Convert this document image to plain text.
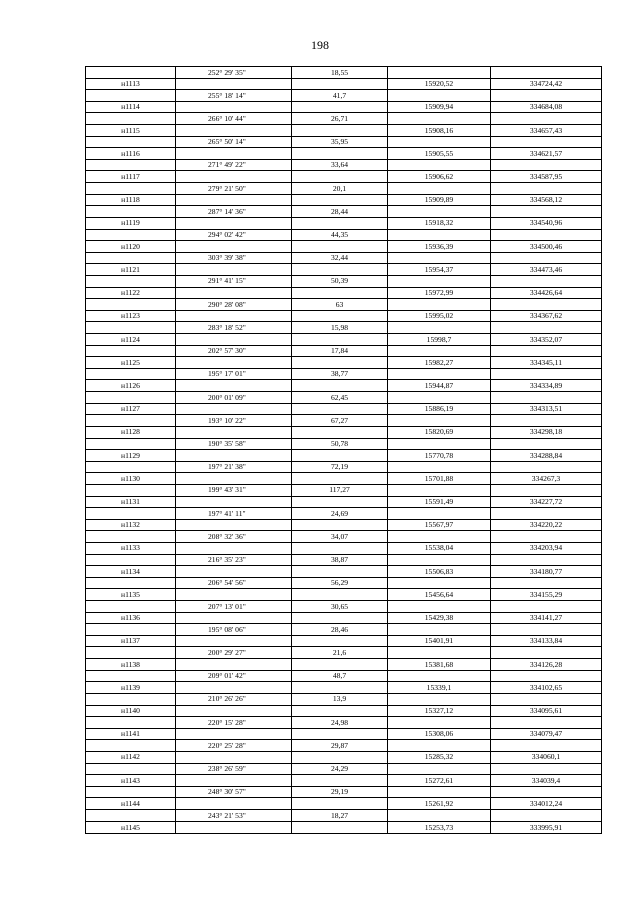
198
	252° 29' 35"	18,55		
н1113			15920,52	334724,42
	255° 18' 14"	41,7		
н1114			15909,94	334684,08
	266° 10' 44"	26,71		
н1115			15908,16	334657,43
	265° 50' 14"	35,95		
н1116			15905,55	334621,57
	271° 49' 22"	33,64		
н1117			15906,62	334587,95
	279° 21' 50"	20,1		
н1118			15909,89	334568,12
	287° 14' 36"	28,44		
н1119			15918,32	334540,96
	294° 02' 42"	44,35		
н1120			15936,39	334500,46
	303° 39' 38"	32,44		
н1121			15954,37	334473,46
	291° 41' 15"	50,39		
н1122			15972,99	334426,64
	290° 28' 08"	63		
н1123			15995,02	334367,62
	283° 18' 52"	15,98		
н1124			15998,7	334352,07
	202° 57' 30"	17,84		
н1125			15982,27	334345,11
	195° 17' 01"	38,77		
н1126			15944,87	334334,89
	200° 01' 09"	62,45		
н1127			15886,19	334313,51
	193° 10' 22"	67,27		
н1128			15820,69	334298,18
	190° 35' 58"	50,78		
н1129			15770,78	334288,84
	197° 21' 38"	72,19		
н1130			15701,88	334267,3
	199° 43' 31"	117,27		
н1131			15591,49	334227,72
	197° 41' 11"	24,69		
н1132			15567,97	334220,22
	208° 32' 36"	34,07		
н1133			15538,04	334203,94
	216° 35' 23"	38,87		
н1134			15506,83	334180,77
	206° 54' 56"	56,29		
н1135			15456,64	334155,29
	207° 13' 01"	30,65		
н1136			15429,38	334141,27
	195° 08' 06"	28,46		
н1137			15401,91	334133,84
	200° 29' 27"	21,6		
н1138			15381,68	334126,28
	209° 01' 42"	48,7		
н1139			15339,1	334102,65
	210° 26' 26"	13,9		
н1140			15327,12	334095,61
	220° 15' 28"	24,98		
н1141			15308,06	334079,47
	220° 25' 28"	29,87		
н1142			15285,32	334060,1
	238° 26' 59"	24,29		
н1143			15272,61	334039,4
	248° 30' 57"	29,19		
н1144			15261,92	334012,24
	243° 21' 53"	18,27		
н1145			15253,73	333995,91
